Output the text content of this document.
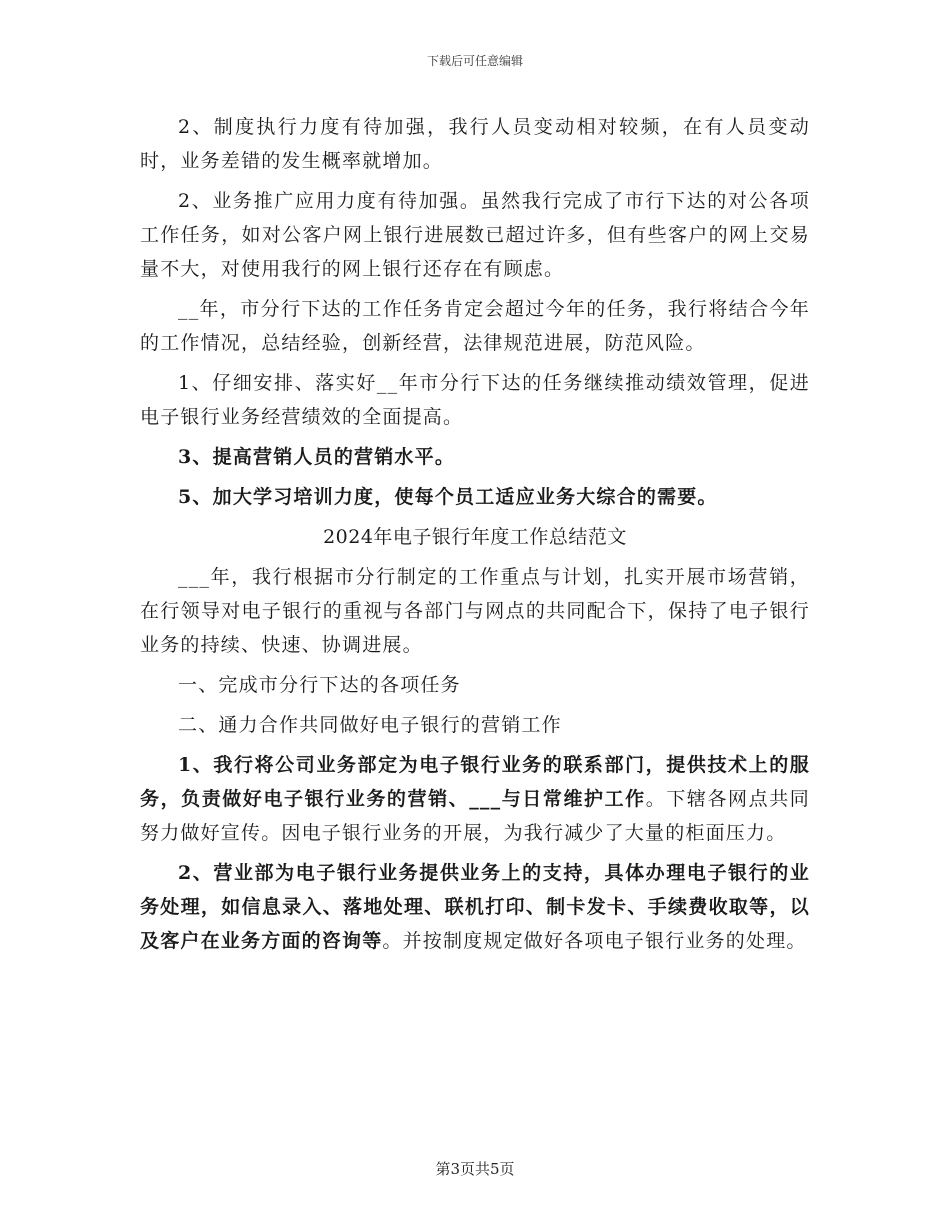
下载后可任意编辑

2、制度执行力度有待加强，我行人员变动相对较频，在有人员变动时，业务差错的发生概率就增加。

2、业务推广应用力度有待加强。虽然我行完成了市行下达的对公各项工作任务，如对公客户网上银行进展数已超过许多，但有些客户的网上交易量不大，对使用我行的网上银行还存在有顾虑。

__年，市分行下达的工作任务肯定会超过今年的任务，我行将结合今年的工作情况，总结经验，创新经营，法律规范进展，防范风险。

1、仔细安排、落实好__年市分行下达的任务继续推动绩效管理，促进电子银行业务经营绩效的全面提高。

3、提高营销人员的营销水平。

5、加大学习培训力度，使每个员工适应业务大综合的需要。

2024年电子银行年度工作总结范文

___年，我行根据市分行制定的工作重点与计划，扎实开展市场营销，在行领导对电子银行的重视与各部门与网点的共同配合下，保持了电子银行业务的持续、快速、协调进展。

一、完成市分行下达的各项任务

二、通力合作共同做好电子银行的营销工作

1、我行将公司业务部定为电子银行业务的联系部门，提供技术上的服务，负责做好电子银行业务的营销、___与日常维护工作。下辖各网点共同努力做好宣传。因电子银行业务的开展，为我行减少了大量的柜面压力。

2、营业部为电子银行业务提供业务上的支持，具体办理电子银行的业务处理，如信息录入、落地处理、联机打印、制卡发卡、手续费收取等，以及客户在业务方面的咨询等。并按制度规定做好各项电子银行业务的处理。

第3页共5页
